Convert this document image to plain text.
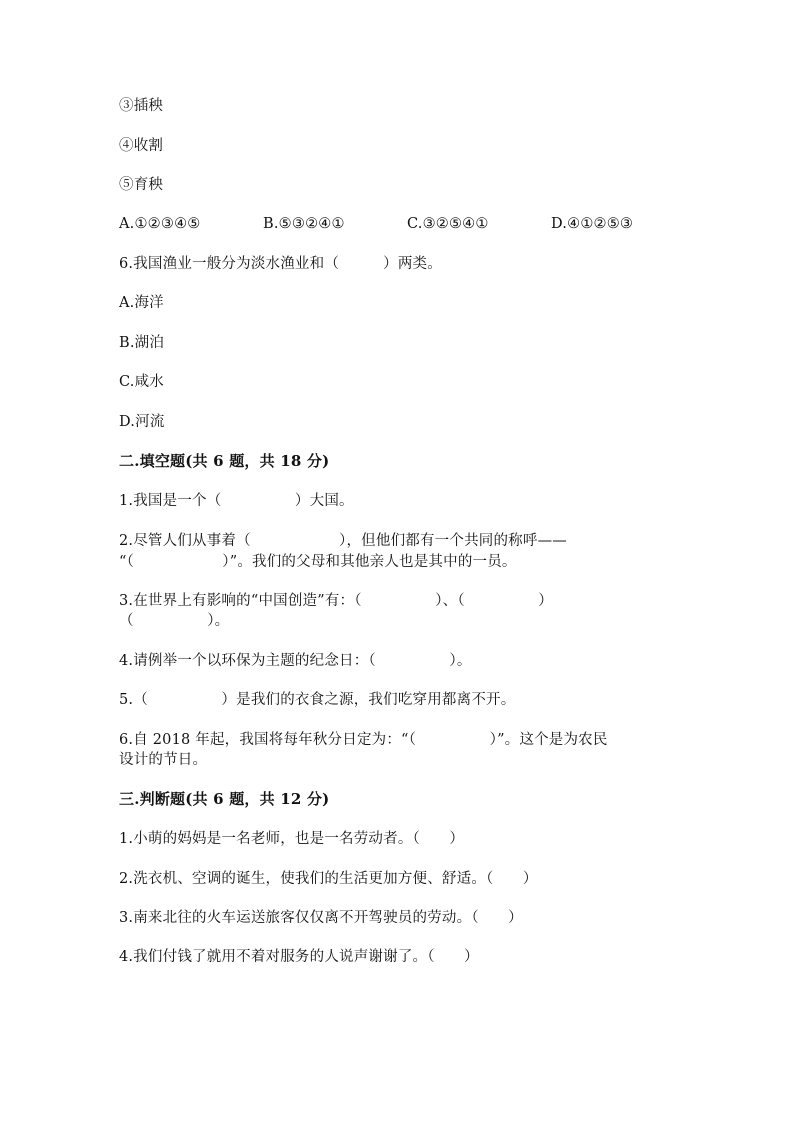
③插秧
④收割
⑤育秧

A.①②③④⑤

	B.⑤③②④①

	C.③②⑤④①

	D.④①②⑤③

6.我国渔业一般分为淡水渔业和（　　　）两类。
A.海洋
B.湖泊
C.咸水
D.河流
二.填空题(共 6 题，共 18 分)
1.我国是一个（　　　　　）大国。
2.尽管人们从事着（　　　　　　），但他们都有一个共同的称呼——
“（　　　　　　）”。我们的父母和其他亲人也是其中的一员。
3.在世界上有影响的“中国创造”有：（　　　　　）、（　　　　　）
（　　　　　）。
4.请例举一个以环保为主题的纪念日：（　　　　　）。
5.（　　　　　）是我们的衣食之源，我们吃穿用都离不开。
6.自 2018 年起，我国将每年秋分日定为：“（　　　　　）”。这个是为农民
设计的节日。
三.判断题(共 6 题，共 12 分)
1.小萌的妈妈是一名老师，也是一名劳动者。（　　）
2.洗衣机、空调的诞生，使我们的生活更加方便、舒适。（　　）
3.南来北往的火车运送旅客仅仅离不开驾驶员的劳动。（　　）
4.我们付钱了就用不着对服务的人说声谢谢了。（　　）
